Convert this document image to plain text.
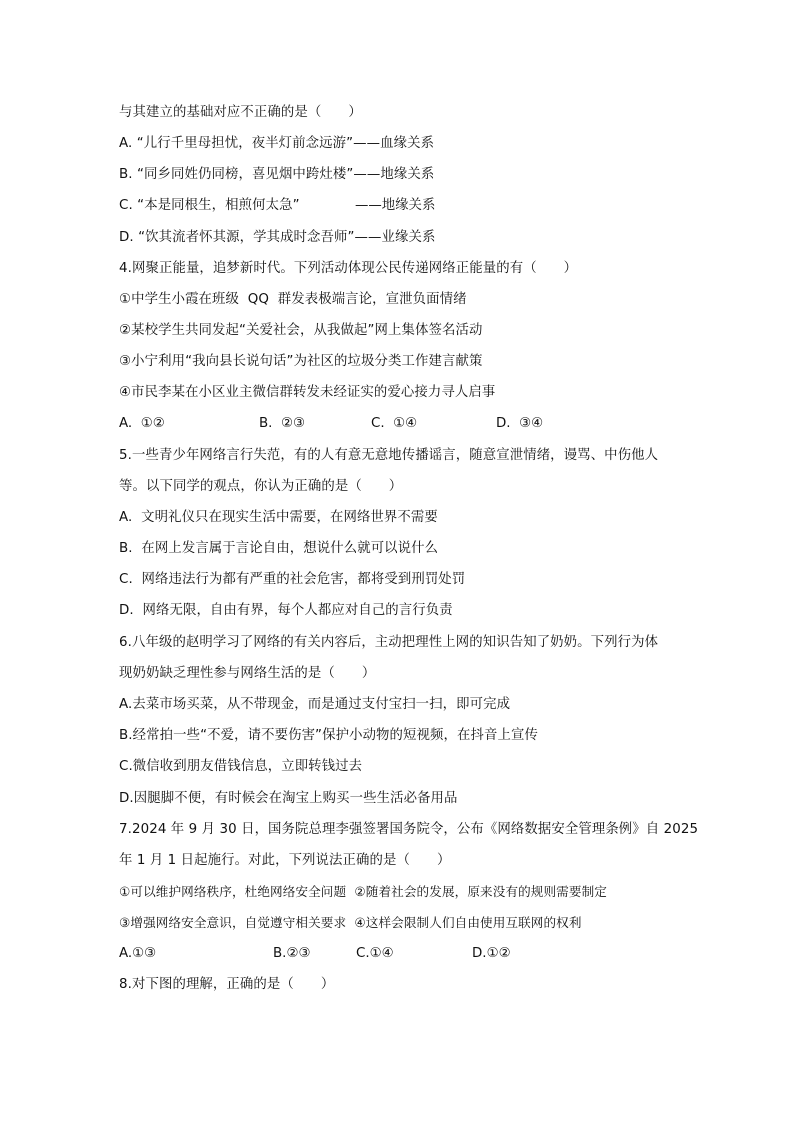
与其建立的基础对应不正确的是（　　）
A. “儿行千里母担忧，夜半灯前念远游”——血缘关系
B. “同乡同姓仍同榜，喜见烟中跨灶楼”——地缘关系
C. “本是同根生，相煎何太急”	——地缘关系
D. “饮其流者怀其源，学其成时念吾师”——业缘关系
4.网聚正能量，追梦新时代。下列活动体现公民传递网络正能量的有（　　）
①中学生小霞在班级  QQ  群发表极端言论，宣泄负面情绪
②某校学生共同发起“关爱社会，从我做起”网上集体签名活动
③小宁利用“我向县长说句话”为社区的垃圾分类工作建言献策
④市民李某在小区业主微信群转发未经证实的爱心接力寻人启事
A.  ①②	B.  ②③	C.  ①④	D.  ③④
5.一些青少年网络言行失范，有的人有意无意地传播谣言，随意宣泄情绪，谩骂、中伤他人
等。以下同学的观点，你认为正确的是（　　）
A.  文明礼仪只在现实生活中需要，在网络世界不需要
B.  在网上发言属于言论自由，想说什么就可以说什么
C.  网络违法行为都有严重的社会危害，都将受到刑罚处罚
D.  网络无限，自由有界，每个人都应对自己的言行负责
6.八年级的赵明学习了网络的有关内容后，主动把理性上网的知识告知了奶奶。下列行为体
现奶奶缺乏理性参与网络生活的是（　　）
A.去菜市场买菜，从不带现金，而是通过支付宝扫一扫，即可完成
B.经常拍一些“不爱，请不要伤害”保护小动物的短视频，在抖音上宣传
C.微信收到朋友借钱信息，立即转钱过去
D.因腿脚不便，有时候会在淘宝上购买一些生活必备用品
7.2024 年 9 月 30 日，国务院总理李强签署国务院令，公布《网络数据安全管理条例》自 2025
年 1 月 1 日起施行。对此，下列说法正确的是（　　）
①可以维护网络秩序，杜绝网络安全问题  ②随着社会的发展，原来没有的规则需要制定
③增强网络安全意识，自觉遵守相关要求  ④这样会限制人们自由使用互联网的权利
A.①③	B.②③	C.①④	D.①②
8.对下图的理解，正确的是（　　）
